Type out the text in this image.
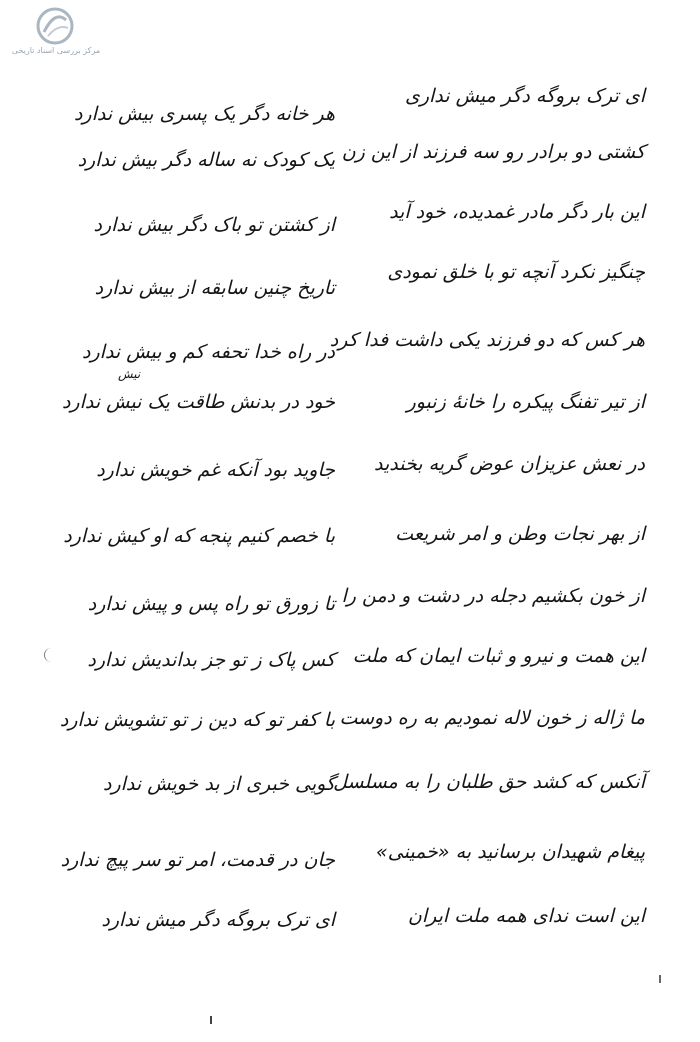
مرکز بررسی اسناد تاریخی
ای ترک بروگه دگر میش نداری
هر خانه دگر یک پسری بیش ندارد
کشتی دو برادر رو سه فرزند از این زن
یک کودک نه ساله دگر بیش ندارد
این بار دگر مادر غمدیده، خود آید
از کشتن تو باک دگر بیش ندارد
چنگیز نکرد آنچه تو با خلق نمودی
تاریخ چنین سابقه از بیش ندارد
هر کس که دو فرزند یکی داشت فدا کرد
در راه خدا تحفه کم و بیش ندارد
از تیر تفنگ پیکره را خانهٔ زنبور
خود در بدنش طاقت یک نیش ندارد
نیش
در نعش عزیزان عوض گریه بخندید
جاوید بود آنکه غم خویش ندارد
از بهر نجات وطن و امر شریعت
با خصم کنیم پنجه که او کیش ندارد
از خون بکشیم دجله در دشت و دمن را
تا زورق تو راه پس و پیش ندارد
این همت و نیرو و ثبات ایمان که ملت
کس پاک ز تو جز بداندیش ندارد
ما ژاله ز خون لاله نمودیم به ره دوست
با کفر تو که دین ز تو تشویش ندارد
آنکس که کشد حق طلبان را به مسلسل
گویی خبری از بد خویش ندارد
پیغام شهیدان برسانید به «خمینی»
جان در قدمت، امر تو سر پیچ ندارد
این است ندای همه ملت ایران
ای ترک بروگه دگر میش ندارد
